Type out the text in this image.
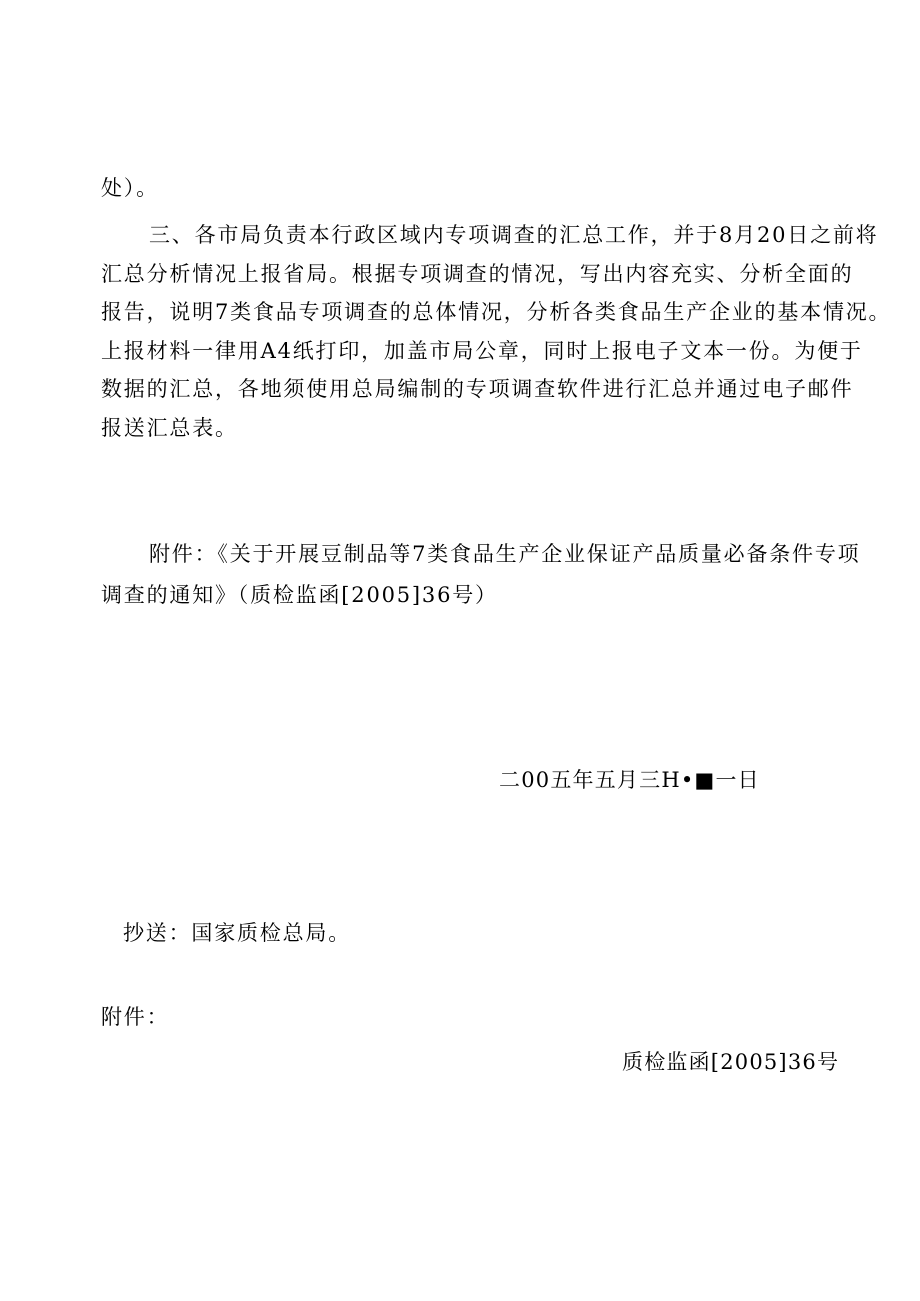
处）。
三、各市局负责本行政区域内专项调查的汇总工作，并于8月20日之前将
汇总分析情况上报省局。根据专项调查的情况，写出内容充实、分析全面的
报告，说明7类食品专项调查的总体情况，分析各类食品生产企业的基本情况。
上报材料一律用A4纸打印，加盖市局公章，同时上报电子文本一份。为便于
数据的汇总，各地须使用总局编制的专项调查软件进行汇总并通过电子邮件
报送汇总表。
附件：《关于开展豆制品等7类食品生产企业保证产品质量必备条件专项
调查的通知》（质检监函[2005]36号）
二00五年五月三H•■一日
抄送：国家质检总局。
附件：
质检监函[2005]36号
